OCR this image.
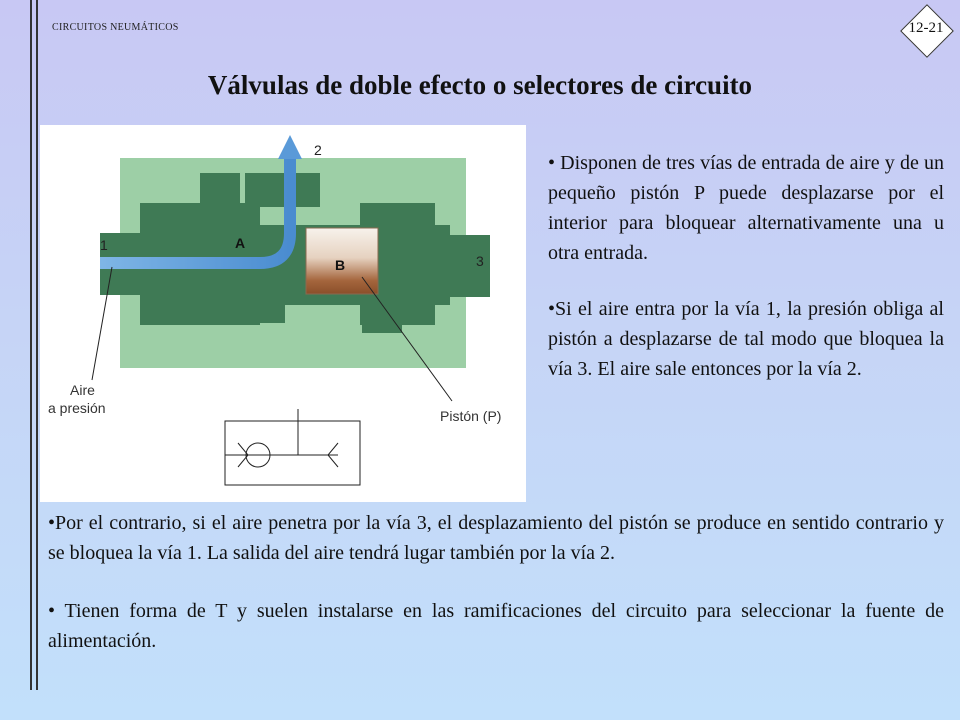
CIRCUITOS NEUMÁTICOS	12-21
Válvulas de doble efecto o selectores de circuito
2
1
3
A
B
Aire
a presión	Pistón (P)

• Disponen de tres vías de entrada de aire y de un pequeño pistón P puede desplazarse por el interior para bloquear alternativamente una u otra entrada.

•Si el aire entra por la vía 1, la presión obliga al pistón a desplazarse de tal modo que bloquea la vía 3. El aire sale entonces por la vía 2.

•Por el contrario, si el aire penetra por la vía 3, el desplazamiento del pistón se produce en sentido contrario y se bloquea la vía 1. La salida del aire tendrá lugar también por la vía 2.

• Tienen forma de T y suelen instalarse en las ramificaciones del circuito para seleccionar la fuente de alimentación.
